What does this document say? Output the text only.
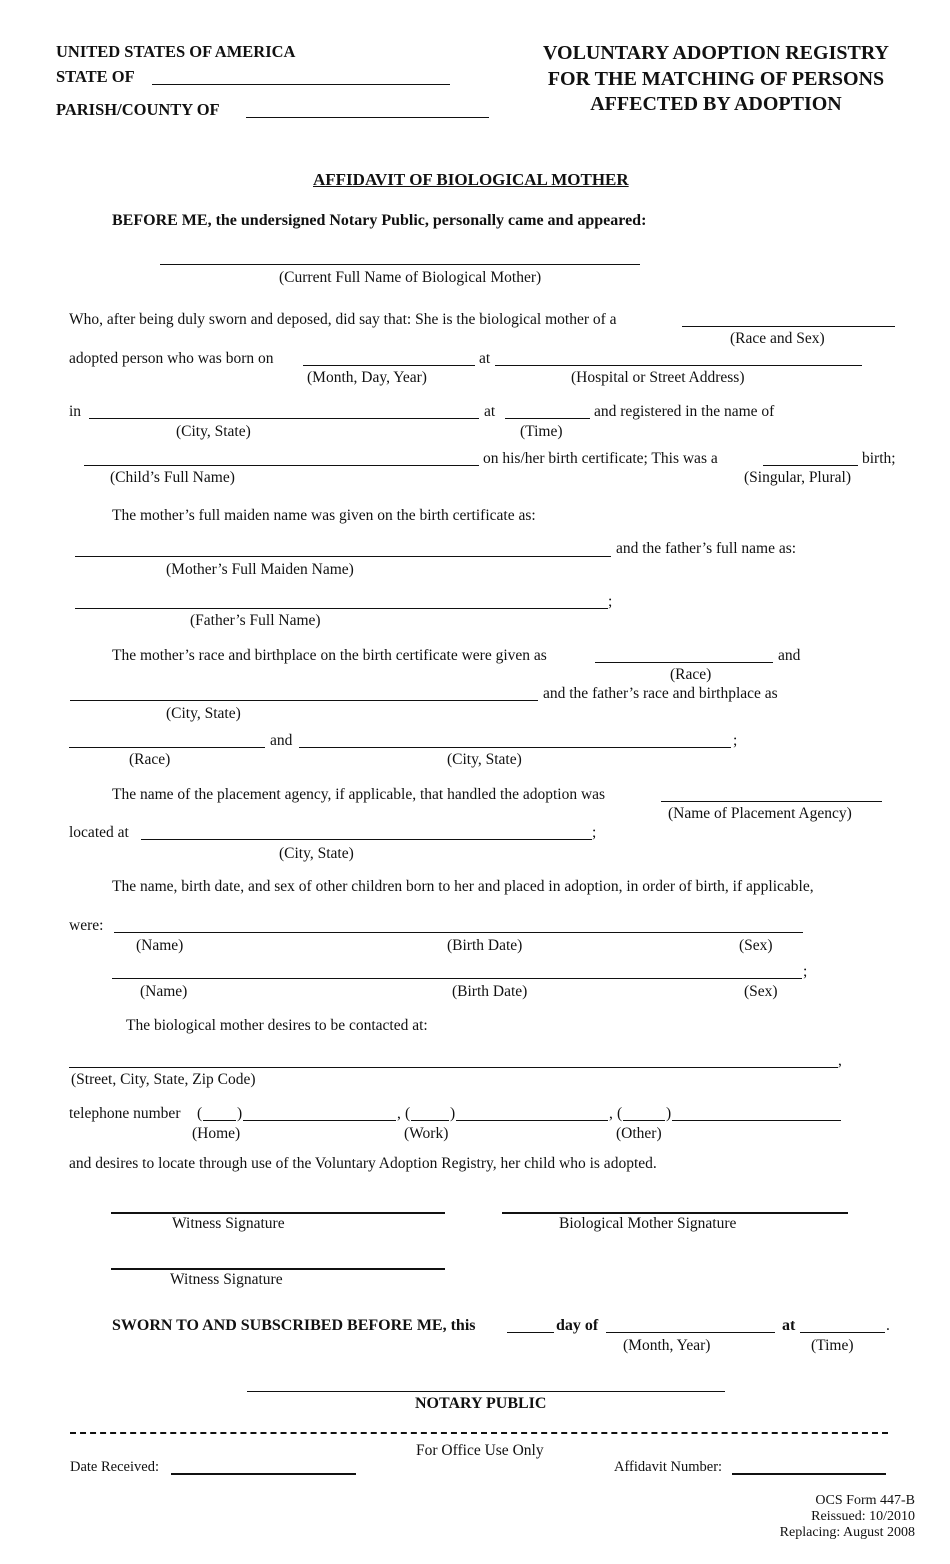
UNITED STATES OF AMERICA
STATE OF
PARISH/COUNTY OF
VOLUNTARY ADOPTION REGISTRY
FOR THE MATCHING OF PERSONS
AFFECTED BY ADOPTION
AFFIDAVIT OF BIOLOGICAL MOTHER
BEFORE ME, the undersigned Notary Public, personally came and appeared:
(Current Full Name of Biological Mother)
Who, after being duly sworn and deposed, did say that: She is the biological mother of a
(Race and Sex)
adopted person who was born on	at
(Month, Day, Year)	(Hospital or Street Address)
in	at	and registered in the name of
(City, State)	(Time)
on his/her birth certificate; This was a	birth;
(Child’s Full Name)	(Singular, Plural)
The mother’s full maiden name was given on the birth certificate as:
and the father’s full name as:
(Mother’s Full Maiden Name)
;
(Father’s Full Name)
The mother’s race and birthplace on the birth certificate were given as	and
(Race)
and the father’s race and birthplace as
(City, State)
and	;
(Race)	(City, State)
The name of the placement agency, if applicable, that handled the adoption was
(Name of Placement Agency)
located at	;
(City, State)
The name, birth date, and sex of other children born to her and placed in adoption, in order of birth, if applicable,
were:
(Name)	(Birth Date)	(Sex)
;
(Name)	(Birth Date)	(Sex)
The biological mother desires to be contacted at:
,
(Street, City, State, Zip Code)
telephone number ( )	, (	)	, (	)
(Home)	(Work)	(Other)
and desires to locate through use of the Voluntary Adoption Registry, her child who is adopted.
Witness Signature	Biological Mother Signature
Witness Signature
SWORN TO AND SUBSCRIBED BEFORE ME, this	day of	at	.
(Month, Year)	(Time)
NOTARY PUBLIC
For Office Use Only
Date Received:	Affidavit Number:
OCS Form 447-B
Reissued: 10/2010
Replacing: August 2008
